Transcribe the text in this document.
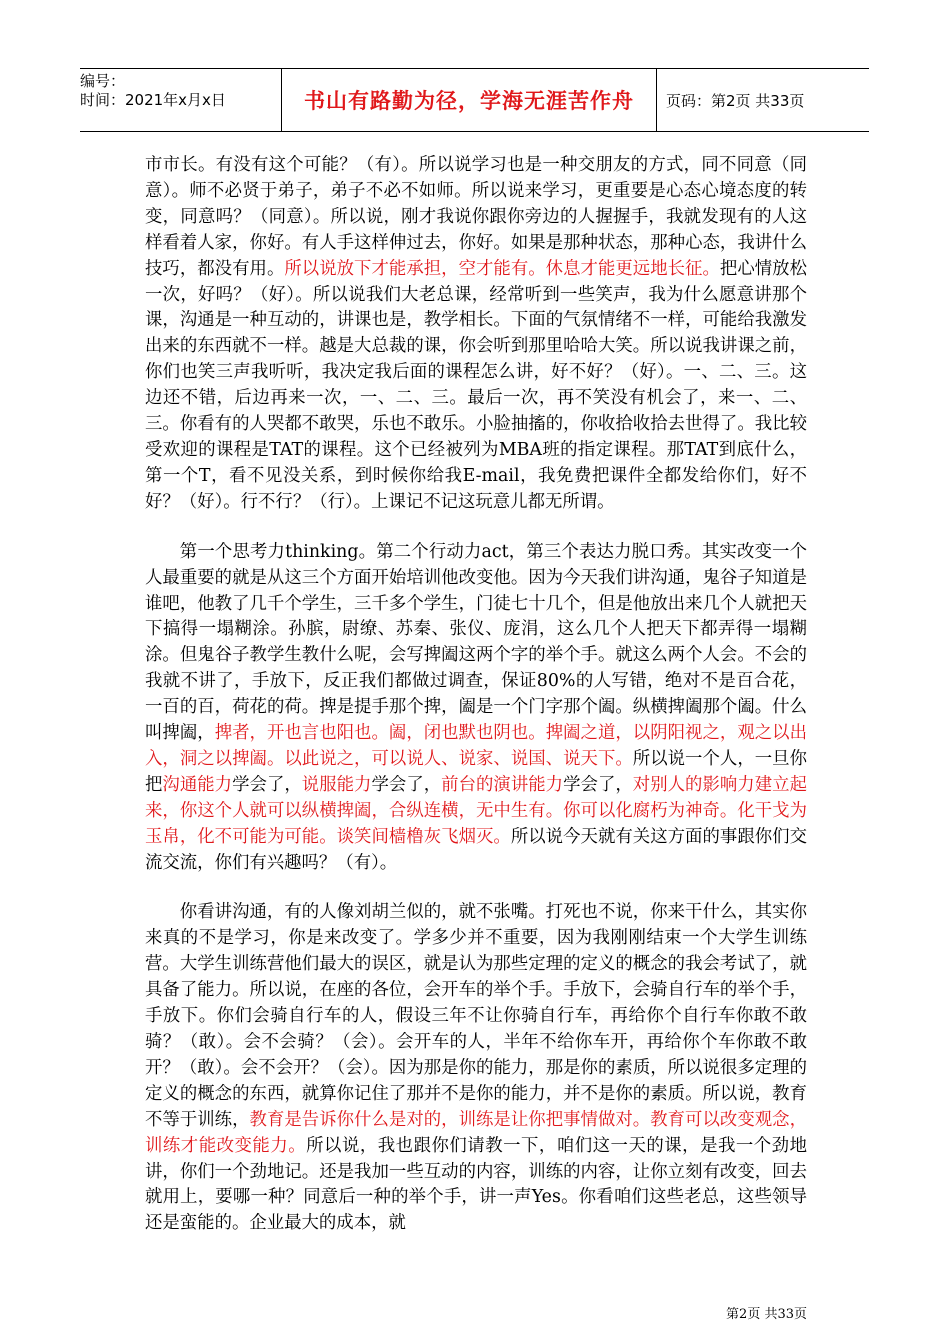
编号：
时间：2021年x月x日	书山有路勤为径，学海无涯苦作舟 页码：第2页 共33页

市市长。有没有这个可能？（有）。所以说学习也是一种交朋友的方式，同不同意（同意）。师不必贤于弟子，弟子不必不如师。所以说来学习，更重要是心态心境态度的转变，同意吗？（同意）。所以说，刚才我说你跟你旁边的人握握手，我就发现有的人这样看着人家，你好。有人手这样伸过去，你好。如果是那种状态，那种心态，我讲什么技巧，都没有用。所以说放下才能承担，空才能有。休息才能更远地长征。把心情放松一次，好吗？（好）。所以说我们大老总课，经常听到一些笑声，我为什么愿意讲那个课，沟通是一种互动的，讲课也是，教学相长。下面的气氛情绪不一样，可能给我激发出来的东西就不一样。越是大总裁的课，你会听到那里哈哈大笑。所以说我讲课之前，你们也笑三声我听听，我决定我后面的课程怎么讲，好不好？（好）。一、二、三。这边还不错，后边再来一次，一、二、三。最后一次，再不笑没有机会了，来一、二、三。你看有的人哭都不敢哭，乐也不敢乐。小脸抽搐的，你收拾收拾去世得了。我比较受欢迎的课程是TAT的课程。这个已经被列为MBA班的指定课程。那TAT到底什么，第一个T，看不见没关系，到时候你给我E-mail，我免费把课件全都发给你们，好不好？（好）。行不行？（行）。上课记不记这玩意儿都无所谓。

第一个思考力thinking。第二个行动力act，第三个表达力脱口秀。其实改变一个人最重要的就是从这三个方面开始培训他改变他。因为今天我们讲沟通，鬼谷子知道是谁吧，他教了几千个学生，三千多个学生，门徒七十几个，但是他放出来几个人就把天下搞得一塌糊涂。孙膑，尉缭、苏秦、张仪、庞涓，这么几个人把天下都弄得一塌糊涂。但鬼谷子教学生教什么呢，会写捭阖这两个字的举个手。就这么两个人会。不会的我就不讲了，手放下，反正我们都做过调查，保证80%的人写错，绝对不是百合花，一百的百，荷花的荷。捭是提手那个捭，阖是一个门字那个阖。纵横捭阖那个阖。什么叫捭阖，捭者，开也言也阳也。阖，闭也默也阴也。捭阖之道，以阴阳视之，观之以出入，洞之以捭阖。以此说之，可以说人、说家、说国、说天下。所以说一个人，一旦你把沟通能力学会了，说服能力学会了，前台的演讲能力学会了，对别人的影响力建立起来，你这个人就可以纵横捭阖，合纵连横，无中生有。你可以化腐朽为神奇。化干戈为玉帛，化不可能为可能。谈笑间樯橹灰飞烟灭。所以说今天就有关这方面的事跟你们交流交流，你们有兴趣吗？（有）。

你看讲沟通，有的人像刘胡兰似的，就不张嘴。打死也不说，你来干什么，其实你来真的不是学习，你是来改变了。学多少并不重要，因为我刚刚结束一个大学生训练营。大学生训练营他们最大的误区，就是认为那些定理的定义的概念的我会考试了，就具备了能力。所以说，在座的各位，会开车的举个手。手放下，会骑自行车的举个手，手放下。你们会骑自行车的人，假设三年不让你骑自行车，再给你个自行车你敢不敢骑？（敢）。会不会骑？（会）。会开车的人，半年不给你车开，再给你个车你敢不敢开？（敢）。会不会开？（会）。因为那是你的能力，那是你的素质，所以说很多定理的定义的概念的东西，就算你记住了那并不是你的能力，并不是你的素质。所以说，教育不等于训练，教育是告诉你什么是对的，训练是让你把事情做对。教育可以改变观念，训练才能改变能力。所以说，我也跟你们请教一下，咱们这一天的课，是我一个劲地讲，你们一个劲地记。还是我加一些互动的内容，训练的内容，让你立刻有改变，回去就用上，要哪一种？同意后一种的举个手，讲一声Yes。你看咱们这些老总，这些领导还是蛮能的。企业最大的成本，就

第2页 共33页
